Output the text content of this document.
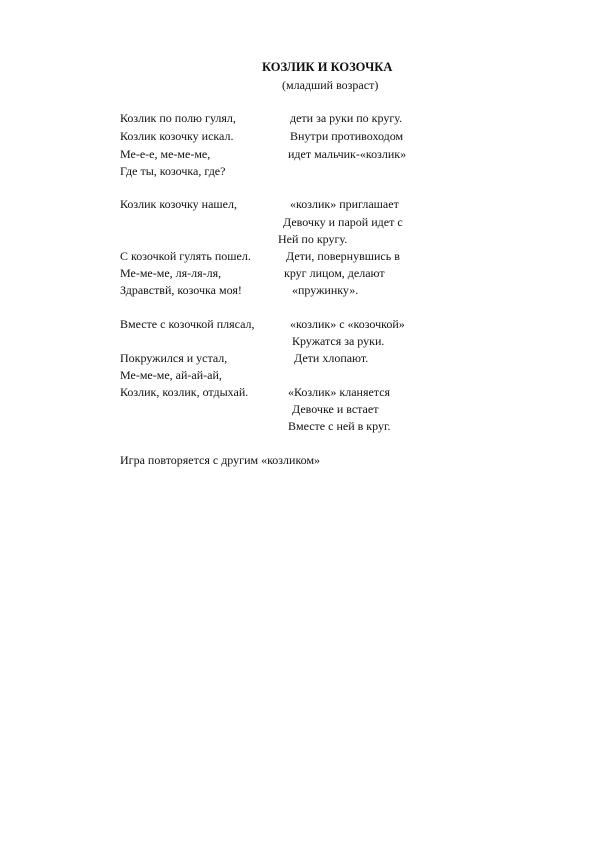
КОЗЛИК И КОЗОЧКА
(младший возраст)
Козлик по полю гулял,	дети за руки по кругу.
Козлик козочку искал.	Внутри противоходом
Ме-е-е, ме-ме-ме,	идет мальчик-«козлик»
Где ты, козочка, где?
Козлик козочку нашел,	«козлик» приглашает
Девочку и парой идет с
Ней по кругу.
С козочкой гулять пошел.	Дети, повернувшись в
Ме-ме-ме, ля-ля-ля,	круг лицом, делают
Здравствй, козочка моя!	«пружинку».
Вместе с козочкой плясал,	«козлик» с «козочкой»
Кружатся за руки.
Покружился и устал,	Дети хлопают.
Ме-ме-ме, ай-ай-ай,
Козлик, козлик, отдыхай.	«Козлик» кланяется
Девочке и встает
Вместе с ней в круг.
Игра повторяется с другим «козликом»
